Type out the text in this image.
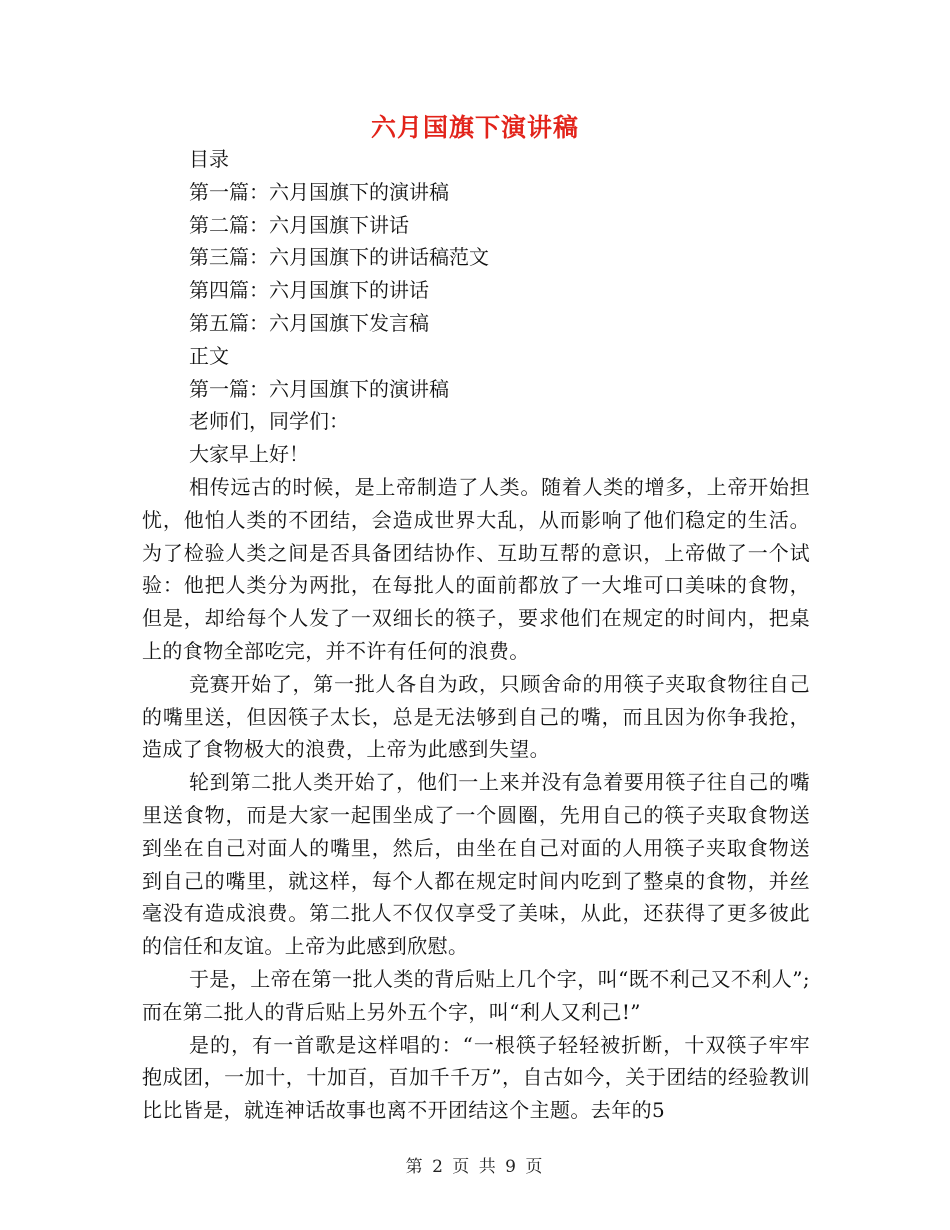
六月国旗下演讲稿

目录

第一篇：六月国旗下的演讲稿

第二篇：六月国旗下讲话

第三篇：六月国旗下的讲话稿范文

第四篇：六月国旗下的讲话

第五篇：六月国旗下发言稿

正文

第一篇：六月国旗下的演讲稿

老师们，同学们：

大家早上好！

相传远古的时候，是上帝制造了人类。随着人类的增多，上帝开始担忧，他怕人类的不团结，会造成世界大乱，从而影响了他们稳定的生活。为了检验人类之间是否具备团结协作、互助互帮的意识，上帝做了一个试验：他把人类分为两批，在每批人的面前都放了一大堆可口美味的食物，但是，却给每个人发了一双细长的筷子，要求他们在规定的时间内，把桌上的食物全部吃完，并不许有任何的浪费。

竞赛开始了，第一批人各自为政，只顾舍命的用筷子夹取食物往自己的嘴里送，但因筷子太长，总是无法够到自己的嘴，而且因为你争我抢，造成了食物极大的浪费，上帝为此感到失望。

轮到第二批人类开始了，他们一上来并没有急着要用筷子往自己的嘴里送食物，而是大家一起围坐成了一个圆圈，先用自己的筷子夹取食物送到坐在自己对面人的嘴里，然后，由坐在自己对面的人用筷子夹取食物送到自己的嘴里，就这样，每个人都在规定时间内吃到了整桌的食物，并丝毫没有造成浪费。第二批人不仅仅享受了美味，从此，还获得了更多彼此的信任和友谊。上帝为此感到欣慰。

于是，上帝在第一批人类的背后贴上几个字，叫“既不利己又不利人”;而在第二批人的背后贴上另外五个字，叫“利人又利己!”

是的，有一首歌是这样唱的：“一根筷子轻轻被折断，十双筷子牢牢抱成团，一加十，十加百，百加千千万”，自古如今，关于团结的经验教训比比皆是，就连神话故事也离不开团结这个主题。去年的5

第 2 页 共 9 页
